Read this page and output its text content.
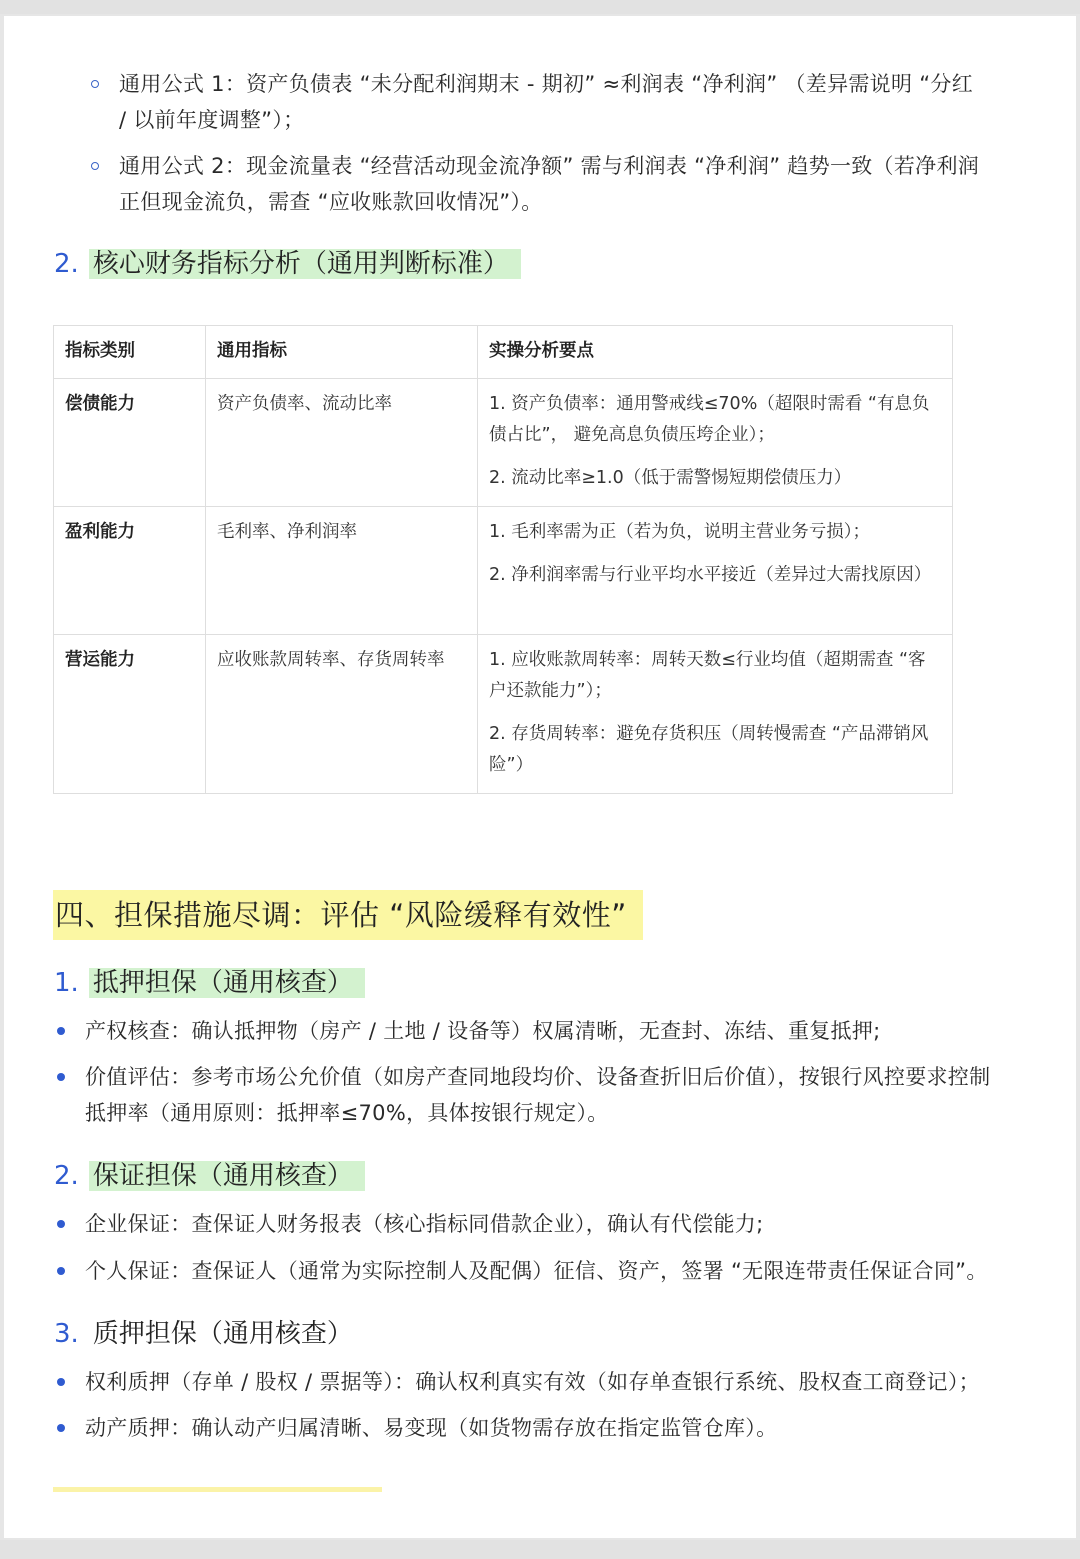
通用公式 1：资产负债表 “未分配利润期末 - 期初” ≈利润表 “净利润” （差异需说明 “分红
/ 以前年度调整”）；
通用公式 2：现金流量表 “经营活动现金流净额” 需与利润表 “净利润” 趋势一致（若净利润
正但现金流负，需查 “应收账款回收情况”）。
2. 核心财务指标分析（通用判断标准）
指标类别	通用指标	实操分析要点
偿债能力	资产负债率、流动比率	1. 资产负债率：通用警戒线≤70%（超限时需看 “有息负债占比”， 避免高息负债压垮企业）；
2. 流动比率≥1.0（低于需警惕短期偿债压力）

盈利能力	毛利率、净利润率	1. 毛利率需为正（若为负，说明主营业务亏损）；
2. 净利润率需与行业平均水平接近（差异过大需找原因）

营运能力	应收账款周转率、存货周转率	1. 应收账款周转率：周转天数≤行业均值（超期需查 “客户还款能力”）；
2. 存货周转率：避免存货积压（周转慢需查 “产品滞销风险”）
四、担保措施尽调：评估 “风险缓释有效性”
1. 抵押担保（通用核查）
产权核查：确认抵押物（房产 / 土地 / 设备等）权属清晰，无查封、冻结、重复抵押;
价值评估：参考市场公允价值（如房产查同地段均价、设备查折旧后价值），按银行风控要求控制
抵押率（通用原则：抵押率≤70%，具体按银行规定）。
2. 保证担保（通用核查）
企业保证：查保证人财务报表（核心指标同借款企业），确认有代偿能力;
个人保证：查保证人（通常为实际控制人及配偶）征信、资产，签署 “无限连带责任保证合同”。
3. 质押担保（通用核查）
权利质押（存单 / 股权 / 票据等）：确认权利真实有效（如存单查银行系统、股权查工商登记）；
动产质押：确认动产归属清晰、易变现（如货物需存放在指定监管仓库）。
